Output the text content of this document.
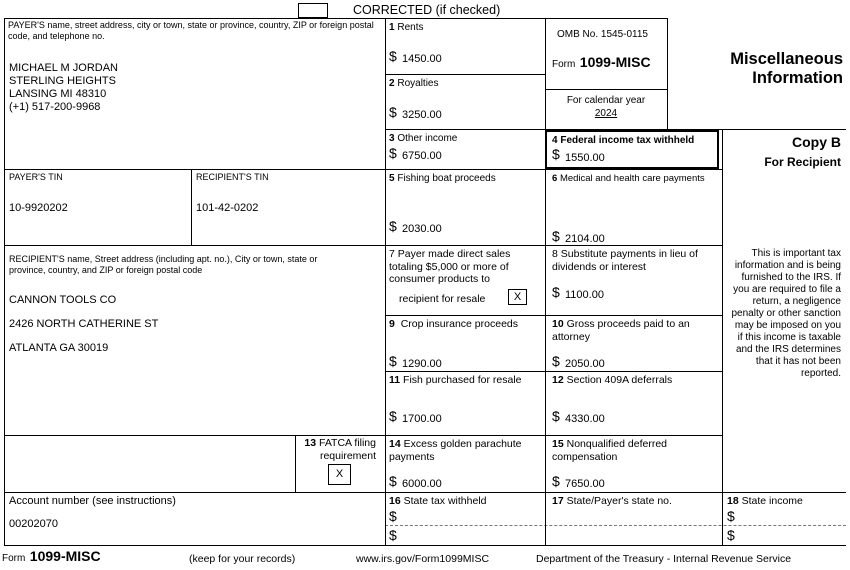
CORRECTED (if checked)
PAYER'S name, street address, city or town, state or province, country, ZIP or foreign postal code, and telephone no.
MICHAEL M JORDAN
STERLING HEIGHTS
LANSING MI 48310
(+1) 517-200-9968
1 Rents
$ 1450.00
2 Royalties
$ 3250.00
OMB No. 1545-0115
Form 1099-MISC
For calendar year
2024
Miscellaneous
Information
3 Other income
$ 6750.00
4 Federal income tax withheld
$ 1550.00
Copy B
For Recipient
PAYER'S TIN
10-9920202
RECIPIENT'S TIN
101-42-0202
5 Fishing boat proceeds
$ 2030.00
6 Medical and health care payments
$ 2104.00
RECIPIENT'S name, Street address (including apt. no.), City or town, state or province, country, and ZIP or foreign postal code
CANNON TOOLS CO
2426 NORTH CATHERINE ST
ATLANTA GA 30019
7 Payer made direct sales totaling $5,000 or more of consumer products to
recipient for resale	X
8 Substitute payments in lieu of dividends or interest
$ 1100.00
This is important tax information and is being furnished to the IRS. If you are required to file a return, a negligence penalty or other sanction may be imposed on you if this income is taxable and the IRS determines that it has not been reported.
9 Crop insurance proceeds
$ 1290.00
10 Gross proceeds paid to an attorney
$ 2050.00
11 Fish purchased for resale
$ 1700.00
12 Section 409A deferrals
$ 4330.00
13 FATCA filing requirement
X
14 Excess golden parachute payments
$ 6000.00
15 Nonqualified deferred compensation
$ 7650.00
Account number (see instructions)
00202070
16 State tax withheld
$
$
17 State/Payer's state no.	18 State income
$
$
Form 1099-MISC	(keep for your records)	www.irs.gov/Form1099MISC	Department of the Treasury - Internal Revenue Service
